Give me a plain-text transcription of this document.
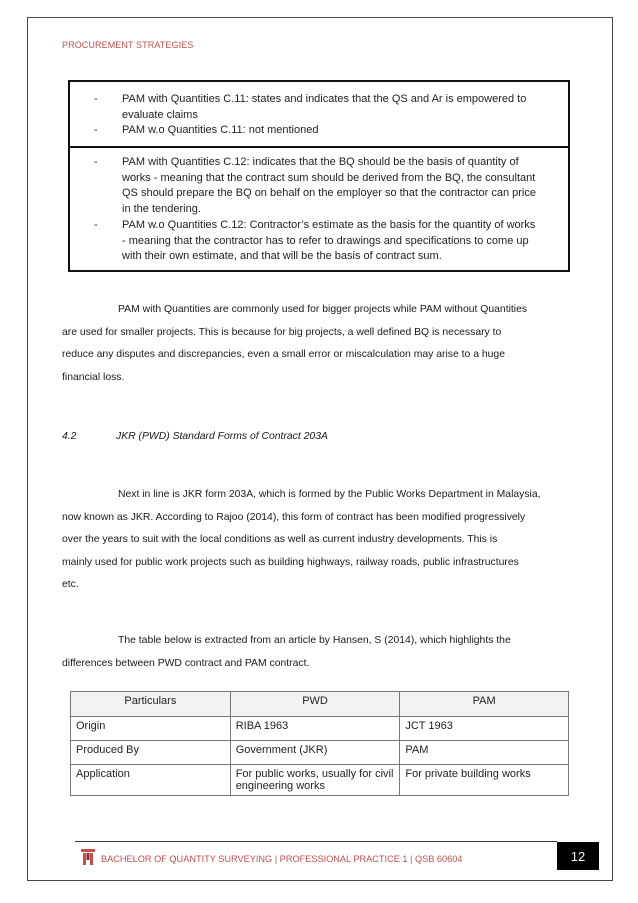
PROCUREMENT STRATEGIES
- PAM with Quantities C.11: states and indicates that the QS and Ar is empowered to
evaluate claims
- PAM w.o Quantities C.11: not mentioned
- PAM with Quantities C.12: indicates that the BQ should be the basis of quantity of
works - meaning that the contract sum should be derived from the BQ, the consultant
QS should prepare the BQ on behalf on the employer so that the contractor can price
in the tendering.
- PAM w.o Quantities C.12: Contractor’s estimate as the basis for the quantity of works
- meaning that the contractor has to refer to drawings and specifications to come up
with their own estimate, and that will be the basis of contract sum.
PAM with Quantities are commonly used for bigger projects while PAM without Quantities
are used for smaller projects. This is because for big projects, a well defined BQ is necessary to
reduce any disputes and discrepancies, even a small error or miscalculation may arise to a huge
financial loss.
4.2	JKR (PWD) Standard Forms of Contract 203A
Next in line is JKR form 203A, which is formed by the Public Works Department in Malaysia,
now known as JKR. According to Rajoo (2014), this form of contract has been modified progressively
over the years to suit with the local conditions as well as current industry developments. This is
mainly used for public work projects such as building highways, railway roads, public infrastructures
etc.
The table below is extracted from an article by Hansen, S (2014), which highlights the
differences between PWD contract and PAM contract.
Particulars	PWD	PAM
Origin	RIBA 1963	JCT 1963
Produced By	Government (JKR)	PAM
Application	For public works, usually for civil engineering works	For private building works
BACHELOR OF QUANTITY SURVEYING | PROFESSIONAL PRACTICE 1 | QSB 60604	12
